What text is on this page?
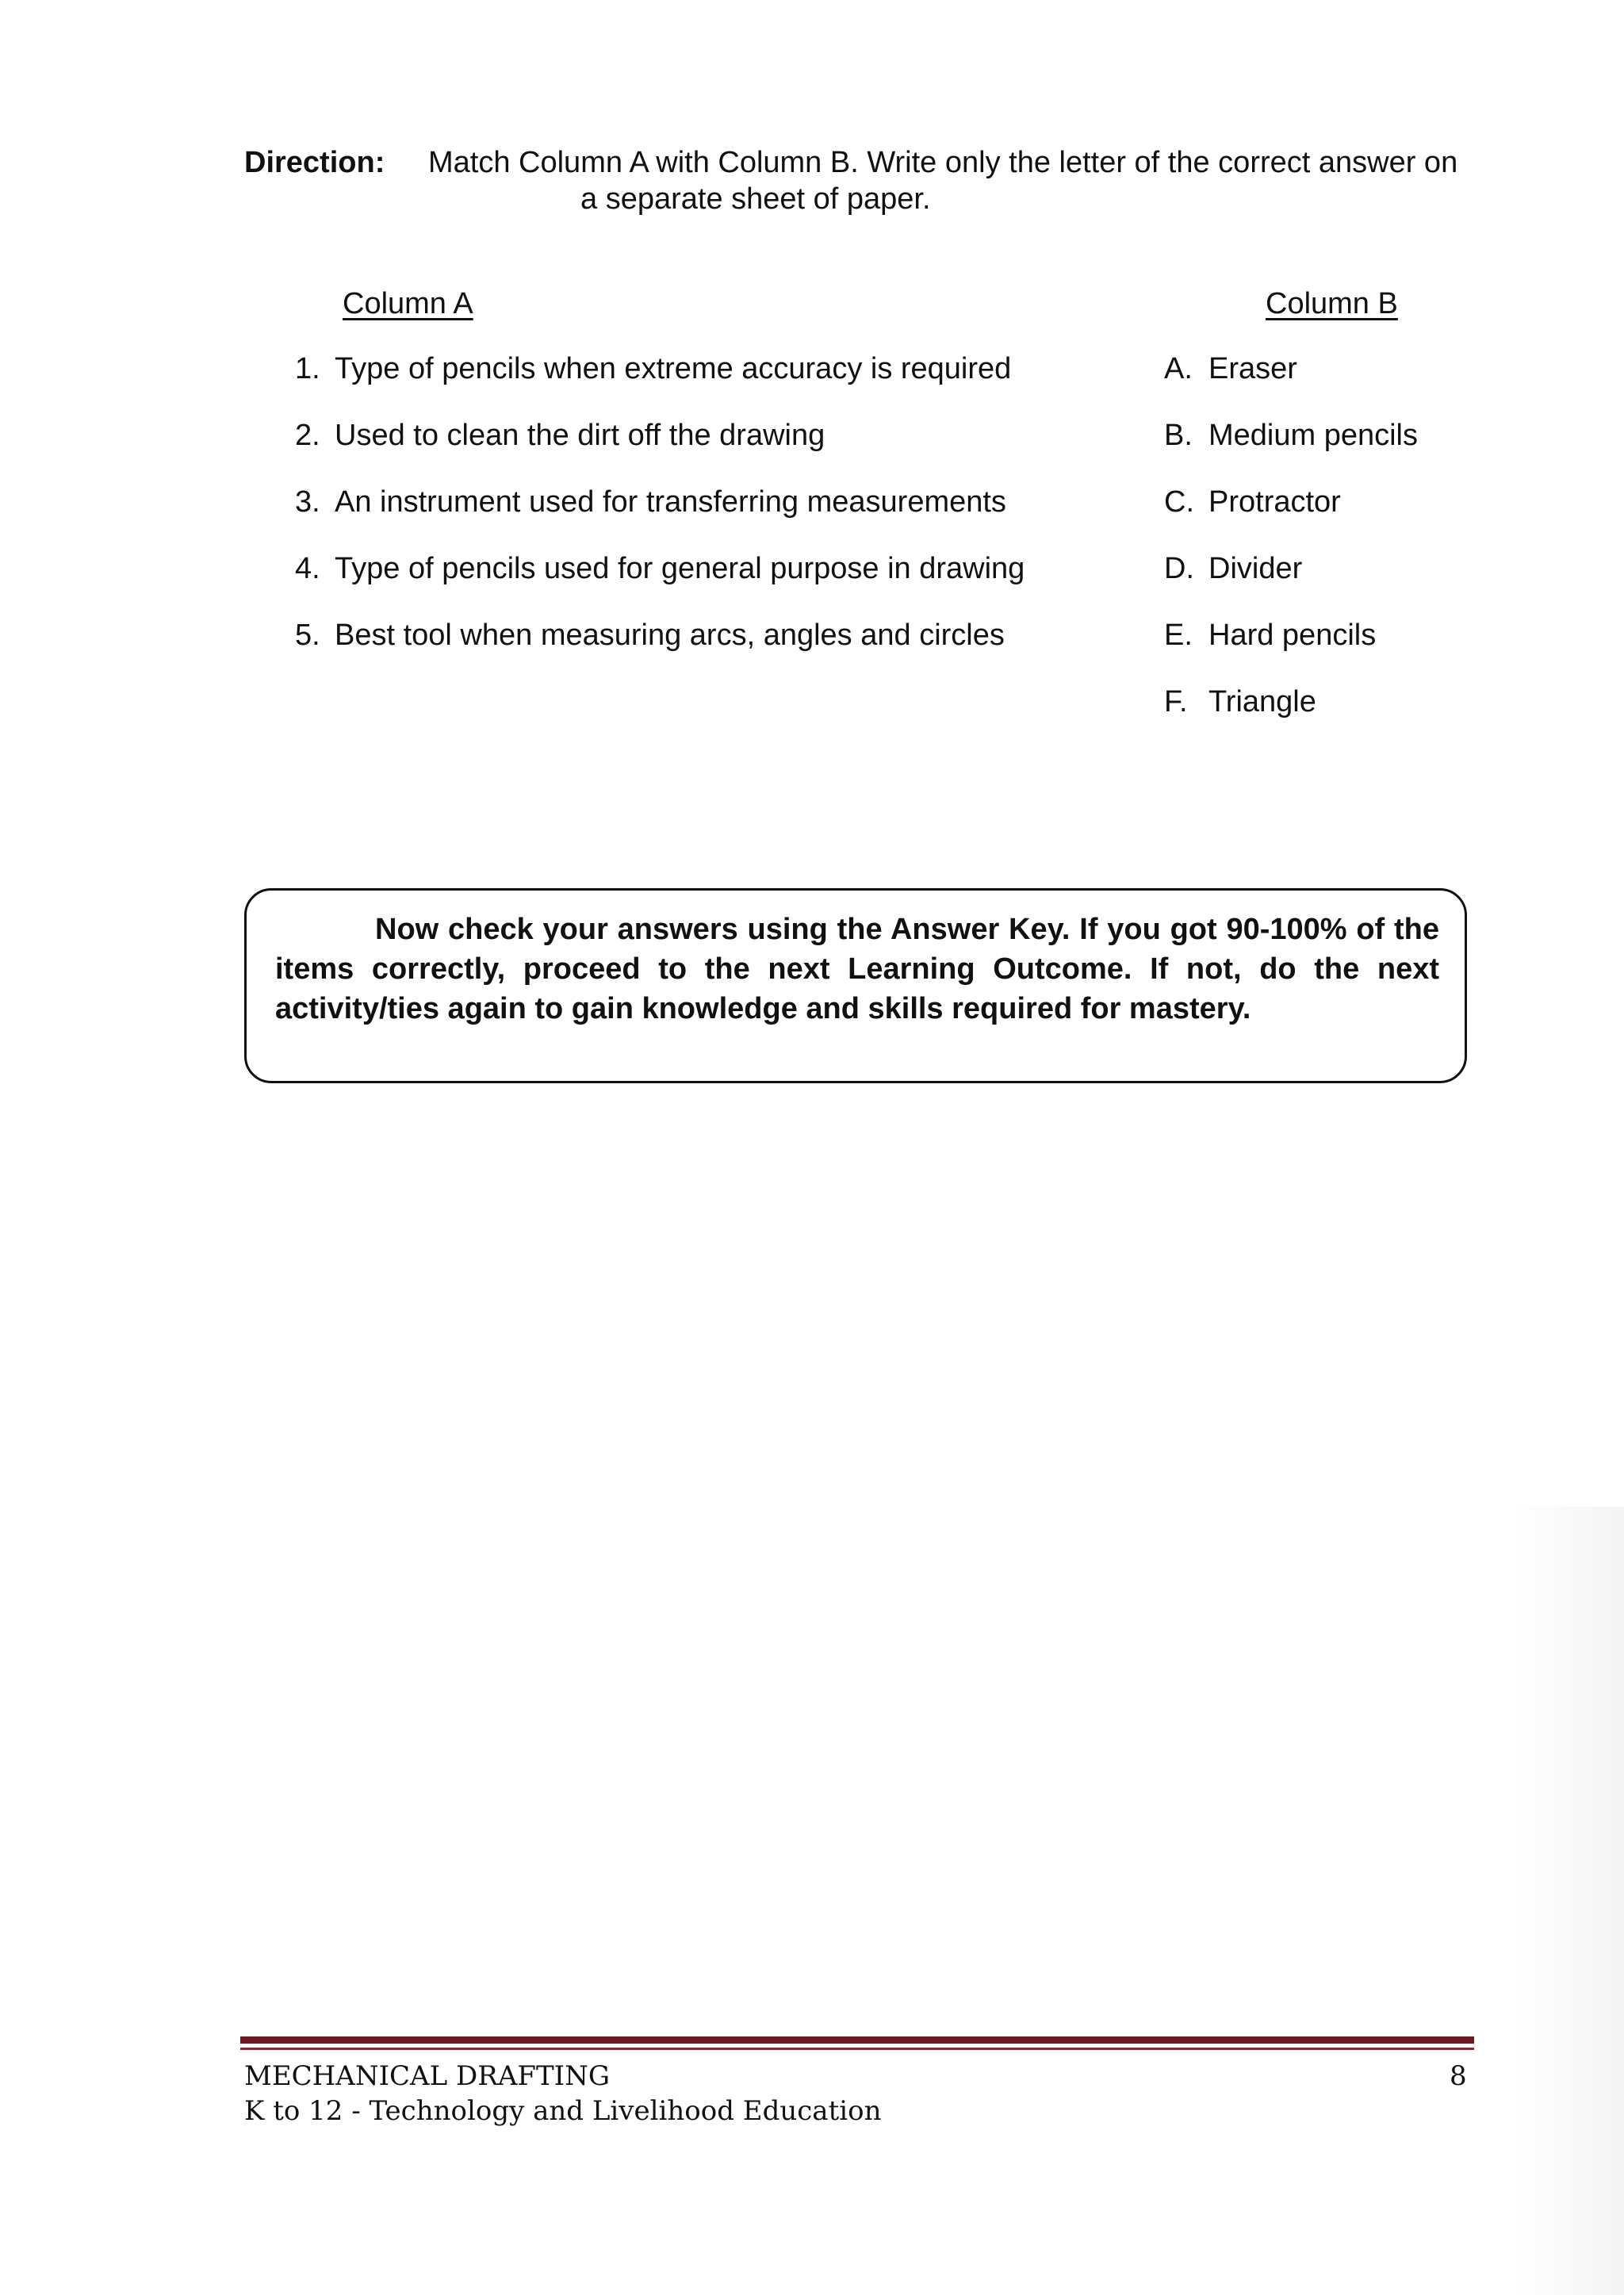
Direction: Match Column A with Column B. Write only the letter of the correct answer on
a separate sheet of paper.
Column A	Column B
1. Type of pencils when extreme accuracy is required
2. Used to clean the dirt off the drawing
3. An instrument used for transferring measurements
4. Type of pencils used for general purpose in drawing
5. Best tool when measuring arcs, angles and circles
A. Eraser
B. Medium pencils
C. Protractor
D. Divider
E. Hard pencils
F. Triangle

Now check your answers using the Answer Key. If you got 90-100% of the items correctly, proceed to the next Learning Outcome. If not, do the next activity/ties again to gain knowledge and skills required for mastery.

MECHANICAL DRAFTING
K to 12 - Technology and Livelihood Education
8
